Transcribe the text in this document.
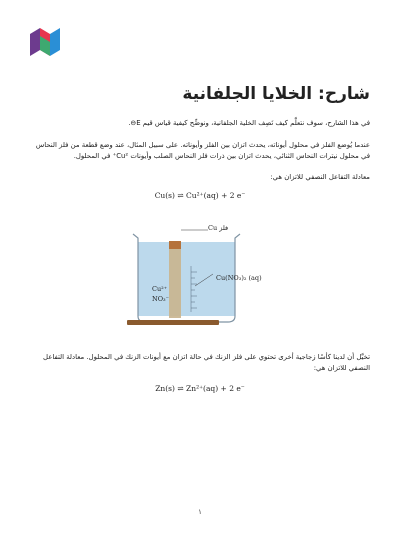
شارح: الخلايا الجلفانية

في هذا الشارح، سوف نتعلَّم كيف نَصِف الخلية الجلفانية، ونوضِّح كيفية قياس قيم E⊖.

عندما يُوضع الفلز في محلول أيوناته، يحدث اتزان بين الفلز وأيوناته. على سبيل المثال، عند وضع قطعة من فلز النحاس في محلول نيترات النحاس الثنائي، يحدث اتزان بين ذرات فلز النحاس الصلب وأيونات Cu²⁺ في المحلول.

معادلة التفاعل النصفي للاتزان هي:

Cu(s) ⇌ Cu²⁺(aq) + 2 e⁻
فلز Cu
Cu(NO₃)₂ (aq)
Cu²⁺
NO₃⁻

تخيَّل أن لدينا كأسًا زجاجية أخرى تحتوي على فلز الزنك في حالة اتزان مع أيونات الزنك في المحلول. معادلة التفاعل النصفي للاتزان هي:

Zn(s) ⇌ Zn²⁺(aq) + 2 e⁻
١
